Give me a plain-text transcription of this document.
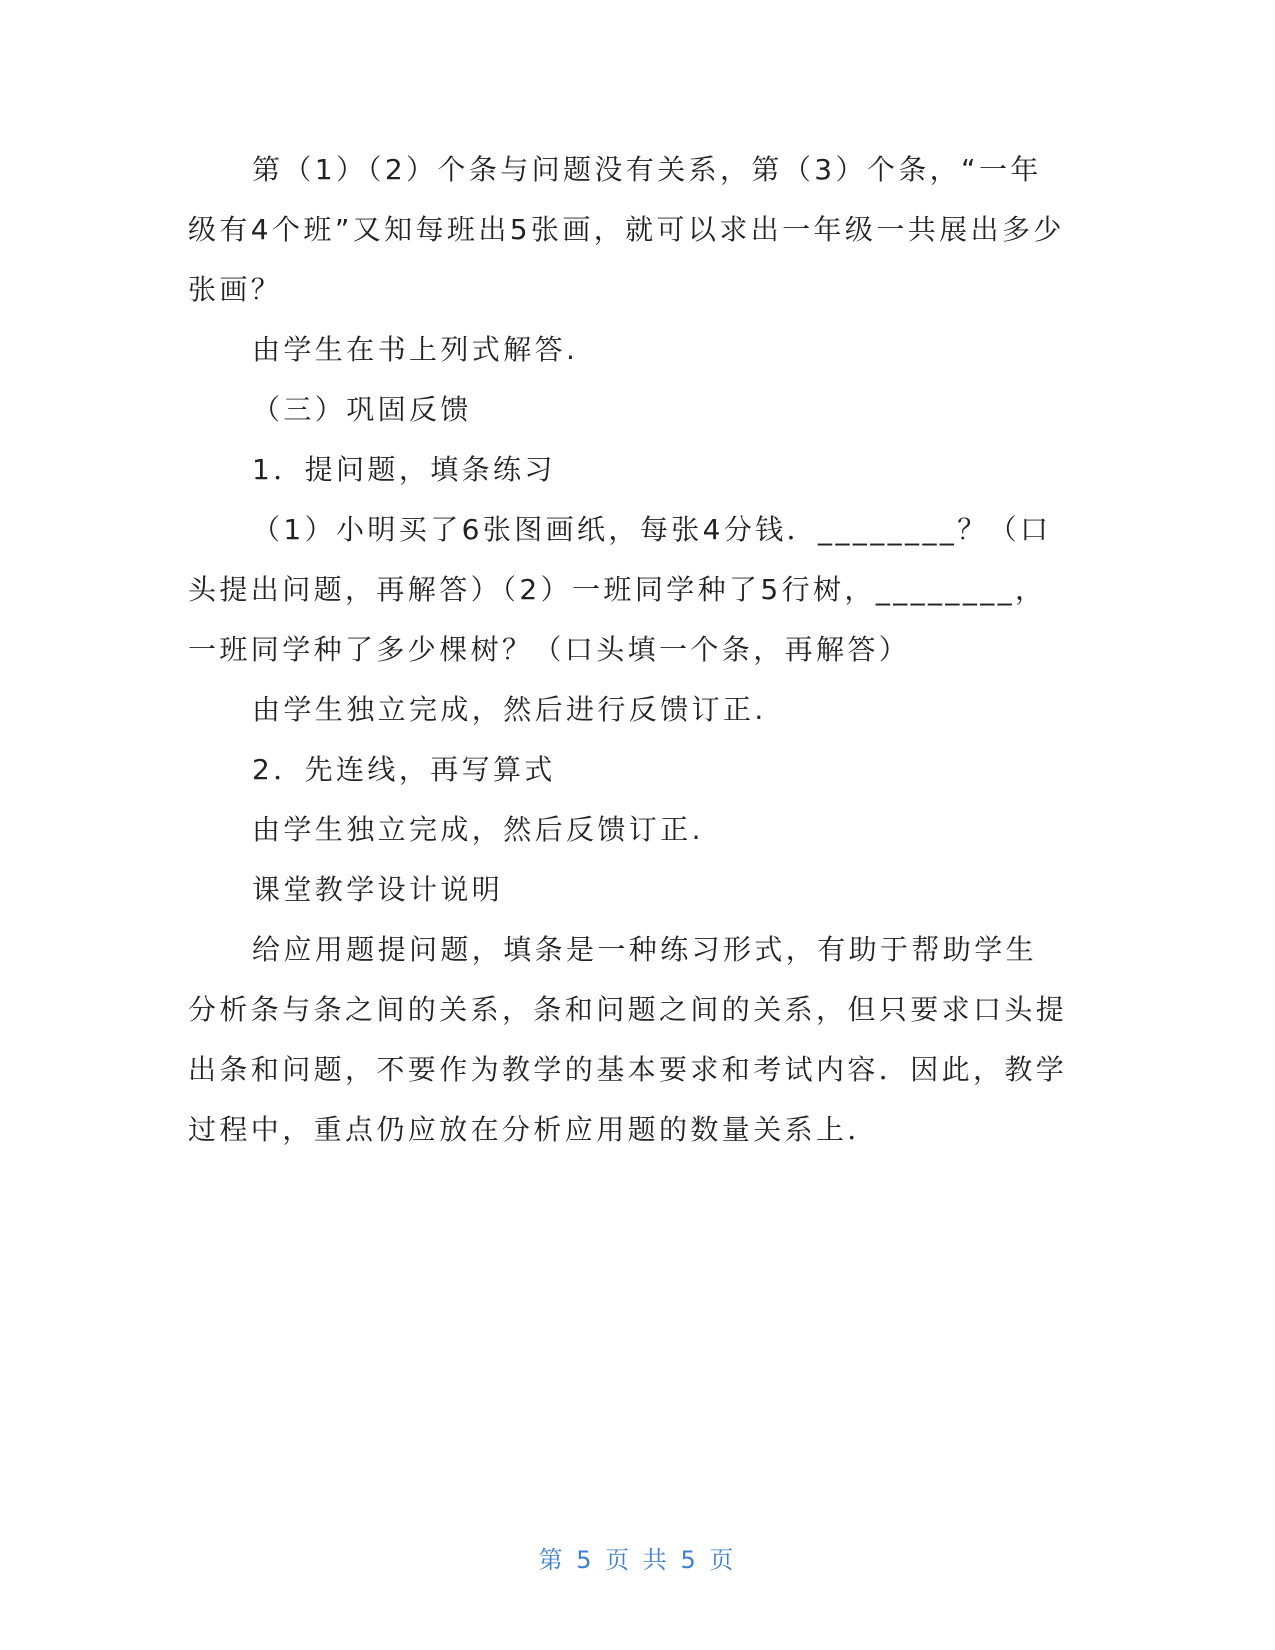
第（1）（2）个条与问题没有关系，第（3）个条，“一年级有4个班”又知每班出5张画，就可以求出一年级一共展出多少张画？

由学生在书上列式解答.

（三）巩固反馈

1．提问题，填条练习

（1）小明买了6张图画纸，每张4分钱．________？（口头提出问题，再解答）（2）一班同学种了5行树，________，一班同学种了多少棵树？（口头填一个条，再解答）

由学生独立完成，然后进行反馈订正.

2．先连线，再写算式

由学生独立完成，然后反馈订正.

课堂教学设计说明

给应用题提问题，填条是一种练习形式，有助于帮助学生分析条与条之间的关系，条和问题之间的关系，但只要求口头提出条和问题，不要作为教学的基本要求和考试内容．因此，教学过程中，重点仍应放在分析应用题的数量关系上．

第 5 页 共 5 页
